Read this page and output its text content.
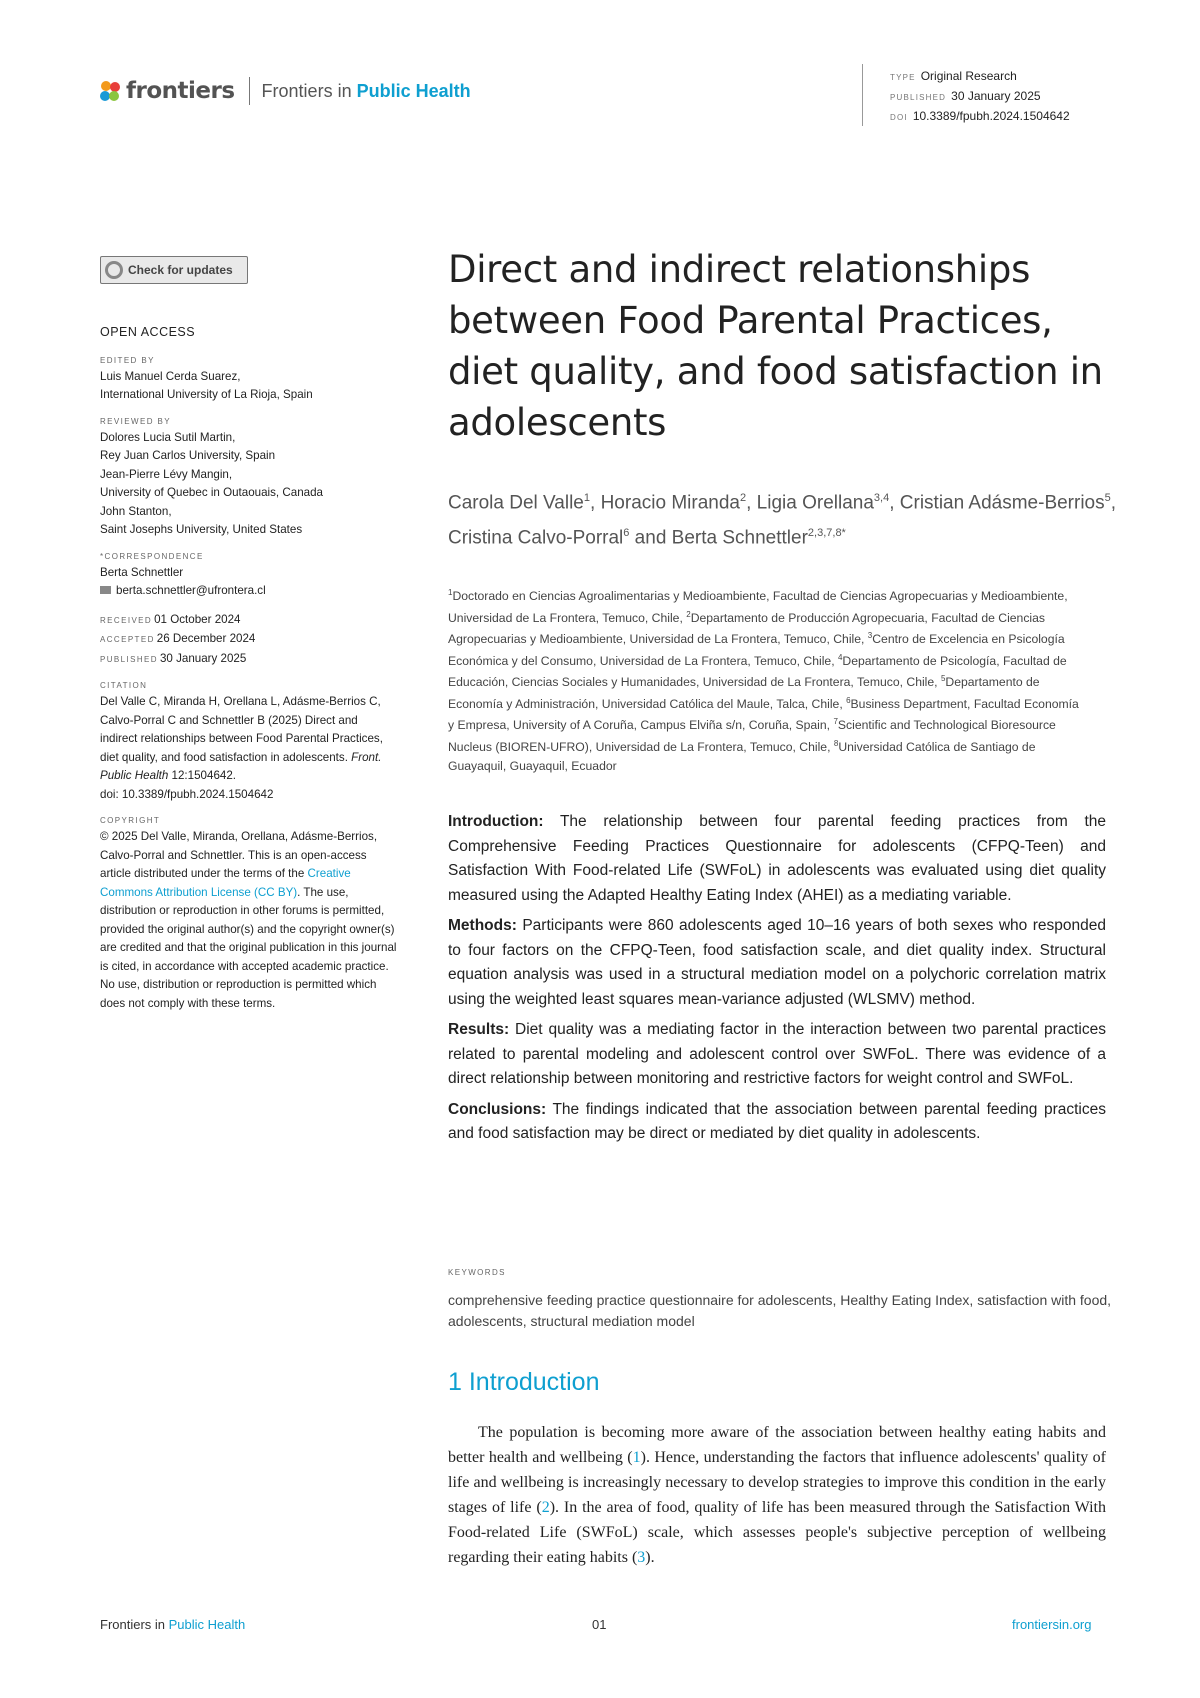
frontiers Frontiers in Public Health
TYPE Original Research
PUBLISHED 30 January 2025
DOI 10.3389/fpubh.2024.1504642
Check for updates
OPEN ACCESS
EDITED BY

Luis Manuel Cerda Suarez,

International University of La Rioja, Spain

REVIEWED BY

Dolores Lucia Sutil Martin,

Rey Juan Carlos University, Spain

Jean-Pierre Lévy Mangin,

University of Quebec in Outaouais, Canada

John Stanton,

Saint Josephs University, United States

*CORRESPONDENCE
Berta Schnettler
berta.schnettler@ufrontera.cl
RECEIVED 01 October 2024
ACCEPTED 26 December 2024
PUBLISHED 30 January 2025
CITATION
Del Valle C, Miranda H, Orellana L, Adásme-Berrios C, Calvo-Porral C and Schnettler B (2025) Direct and indirect relationships between Food Parental Practices, diet quality, and food satisfaction in adolescents. Front. Public Health 12:1504642.
doi: 10.3389/fpubh.2024.1504642
COPYRIGHT
© 2025 Del Valle, Miranda, Orellana, Adásme-Berrios, Calvo-Porral and Schnettler. This is an open-access article distributed under the terms of the Creative Commons Attribution License (CC BY). The use, distribution or reproduction in other forums is permitted, provided the original author(s) and the copyright owner(s) are credited and that the original publication in this journal is cited, in accordance with accepted academic practice. No use, distribution or reproduction is permitted which does not comply with these terms.
Direct and indirect relationships between Food Parental Practices, diet quality, and food satisfaction in adolescents
Carola Del Valle$^1$, Horacio Miranda$^2$, Ligia Orellana$^{3,4}$, Cristian Adásme-Berrios$^5$, Cristina Calvo-Porral$^6$ and Berta Schnettler$^{2,3,7,8*}$
$^1$Doctorado en Ciencias Agroalimentarias y Medioambiente, Facultad de Ciencias Agropecuarias y Medioambiente, Universidad de La Frontera, Temuco, Chile, $^2$Departamento de Producción Agropecuaria, Facultad de Ciencias Agropecuarias y Medioambiente, Universidad de La Frontera, Temuco, Chile, $^3$Centro de Excelencia en Psicología Económica y del Consumo, Universidad de La Frontera, Temuco, Chile, $^4$Departamento de Psicología, Facultad de Educación, Ciencias Sociales y Humanidades, Universidad de La Frontera, Temuco, Chile, $^5$Departamento de Economía y Administración, Universidad Católica del Maule, Talca, Chile, $^6$Business Department, Facultad Economía y Empresa, University of A Coruña, Campus Elviña s/n, Coruña, Spain, $^7$Scientific and Technological Bioresource Nucleus (BIOREN-UFRO), Universidad de La Frontera, Temuco, Chile, $^8$Universidad Católica de Santiago de Guayaquil, Guayaquil, Ecuador

Introduction: The relationship between four parental feeding practices from the Comprehensive Feeding Practices Questionnaire for adolescents (CFPQ-Teen) and Satisfaction With Food-related Life (SWFoL) in adolescents was evaluated using diet quality measured using the Adapted Healthy Eating Index (AHEI) as a mediating variable.

Methods: Participants were 860 adolescents aged 10–16 years of both sexes who responded to four factors on the CFPQ-Teen, food satisfaction scale, and diet quality index. Structural equation analysis was used in a structural mediation model on a polychoric correlation matrix using the weighted least squares mean-variance adjusted (WLSMV) method.

Results: Diet quality was a mediating factor in the interaction between two parental practices related to parental modeling and adolescent control over SWFoL. There was evidence of a direct relationship between monitoring and restrictive factors for weight control and SWFoL.

Conclusions: The findings indicated that the association between parental feeding practices and food satisfaction may be direct or mediated by diet quality in adolescents.

KEYWORDS
comprehensive feeding practice questionnaire for adolescents, Healthy Eating Index, satisfaction with food, adolescents, structural mediation model
1 Introduction

The population is becoming more aware of the association between healthy eating habits and better health and wellbeing (1). Hence, understanding the factors that influence adolescents' quality of life and wellbeing is increasingly necessary to develop strategies to improve this condition in the early stages of life (2). In the area of food, quality of life has been measured through the Satisfaction With Food-related Life (SWFoL) scale, which assesses people's subjective perception of wellbeing regarding their eating habits (3).

Frontiers in Public Health	01	frontiersin.org
